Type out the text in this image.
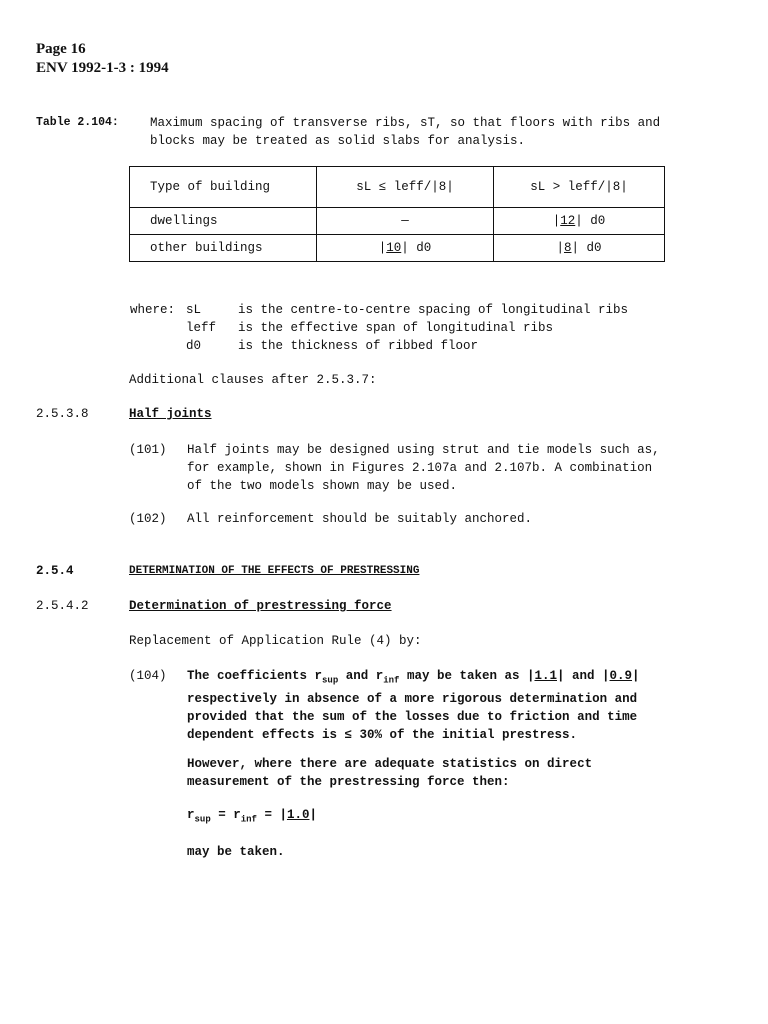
Page 16
ENV 1992-1-3 : 1994
Table 2.104: Maximum spacing of transverse ribs, sT, so that floors with ribs and
blocks may be treated as solid slabs for analysis.
Type of building	sL ≤ leff/|8|	sL > leff/|8|
dwellings	—	|12| d0
other buildings	|10| d0	|8| d0
where: sL	is the centre-to-centre spacing of longitudinal ribs
leff is the effective span of longitudinal ribs
d0	is the thickness of ribbed floor
Additional clauses after 2.5.3.7:
2.5.3.8	Half joints
(101) Half joints may be designed using strut and tie models such as,
for example, shown in Figures 2.107a and 2.107b. A combination
of the two models shown may be used.
(102) All reinforcement should be suitably anchored.
2.5.4	DETERMINATION OF THE EFFECTS OF PRESTRESSING
2.5.4.2	Determination of prestressing force
Replacement of Application Rule (4) by:
(104) The coefficients $r_{sup}$ and $r_{inf}$ may be taken as |1.1| and |0.9|
respectively in absence of a more rigorous determination and
provided that the sum of the losses due to friction and time
dependent effects is ≤ 30% of the initial prestress.
However, where there are adequate statistics on direct
measurement of the prestressing force then:
$r_{sup} = r_{inf} = |1.0|$
may be taken.
